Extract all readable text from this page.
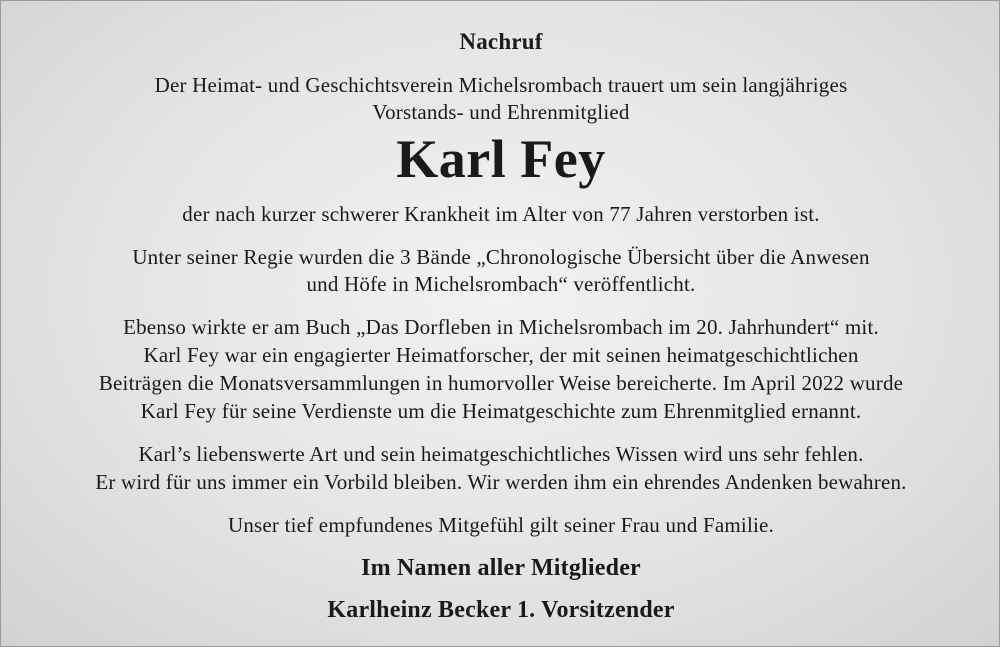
Nachruf
Der Heimat- und Geschichtsverein Michelsrombach trauert um sein langjähriges
Vorstands- und Ehrenmitglied
Karl Fey
der nach kurzer schwerer Krankheit im Alter von 77 Jahren verstorben ist.
Unter seiner Regie wurden die 3 Bände „Chronologische Übersicht über die Anwesen
und Höfe in Michelsrombach“ veröffentlicht.
Ebenso wirkte er am Buch „Das Dorfleben in Michelsrombach im 20. Jahrhundert“ mit.
Karl Fey war ein engagierter Heimatforscher, der mit seinen heimatgeschichtlichen
Beiträgen die Monatsversammlungen in humorvoller Weise bereicherte. Im April 2022 wurde
Karl Fey für seine Verdienste um die Heimatgeschichte zum Ehrenmitglied ernannt.
Karl’s liebenswerte Art und sein heimatgeschichtliches Wissen wird uns sehr fehlen.
Er wird für uns immer ein Vorbild bleiben. Wir werden ihm ein ehrendes Andenken bewahren.
Unser tief empfundenes Mitgefühl gilt seiner Frau und Familie.
Im Namen aller Mitglieder
Karlheinz Becker 1. Vorsitzender
